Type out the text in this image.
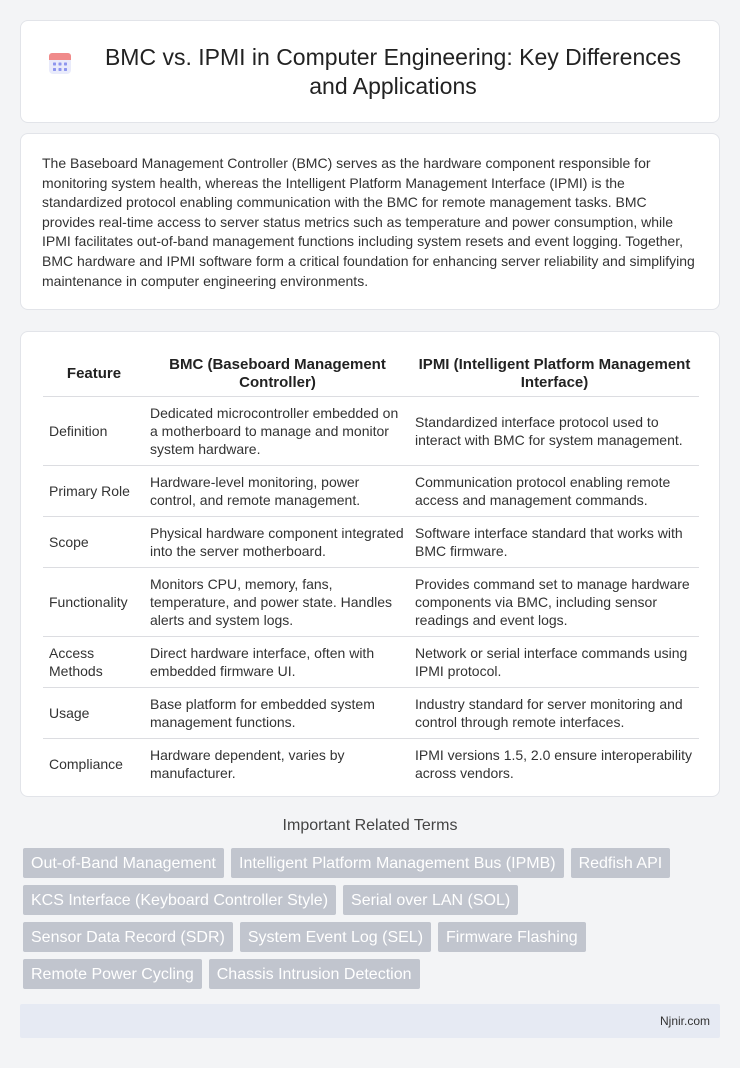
BMC vs. IPMI in Computer Engineering: Key Differences and Applications

The Baseboard Management Controller (BMC) serves as the hardware component responsible for monitoring system health, whereas the Intelligent Platform Management Interface (IPMI) is the standardized protocol enabling communication with the BMC for remote management tasks. BMC provides real-time access to server status metrics such as temperature and power consumption, while IPMI facilitates out-of-band management functions including system resets and event logging. Together, BMC hardware and IPMI software form a critical foundation for enhancing server reliability and simplifying maintenance in computer engineering environments.

Feature	BMC (Baseboard Management Controller)	IPMI (Intelligent Platform Management Interface)
Definition	Dedicated microcontroller embedded on a motherboard to manage and monitor system hardware.	Standardized interface protocol used to interact with BMC for system management.
Primary Role	Hardware-level monitoring, power control, and remote management.	Communication protocol enabling remote access and management commands.
Scope	Physical hardware component integrated into the server motherboard.	Software interface standard that works with BMC firmware.
Functionality	Monitors CPU, memory, fans, temperature, and power state. Handles alerts and system logs.	Provides command set to manage hardware components via BMC, including sensor readings and event logs.
Access Methods	Direct hardware interface, often with embedded firmware UI.	Network or serial interface commands using IPMI protocol.
Usage	Base platform for embedded system management functions.	Industry standard for server monitoring and control through remote interfaces.
Compliance	Hardware dependent, varies by manufacturer.	IPMI versions 1.5, 2.0 ensure interoperability across vendors.
Important Related Terms
Out-of-Band Management	Intelligent Platform Management Bus (IPMB)	Redfish API
KCS Interface (Keyboard Controller Style)	Serial over LAN (SOL)
Sensor Data Record (SDR)	System Event Log (SEL)	Firmware Flashing
Remote Power Cycling	Chassis Intrusion Detection
Njnir.com
